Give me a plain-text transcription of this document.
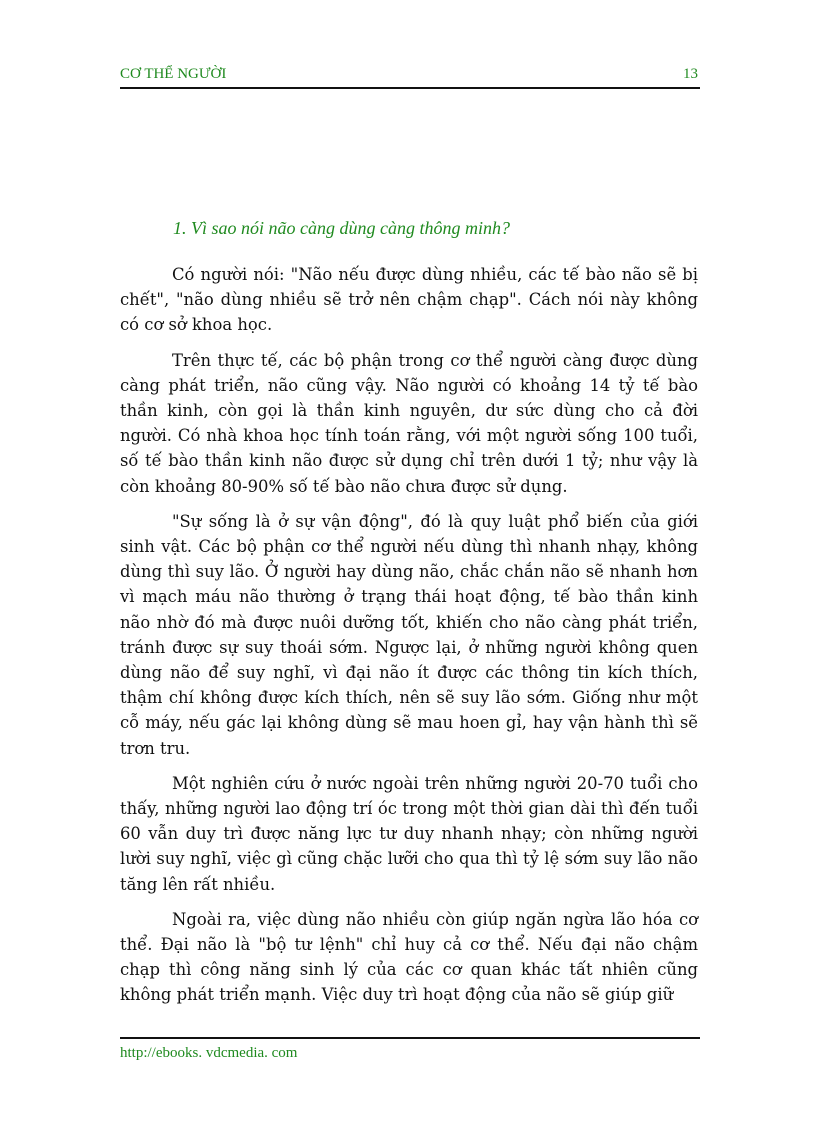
CƠ THỂ NGƯỜI	13
1. Vì sao nói não càng dùng càng thông minh?

Có người nói: "Não nếu được dùng nhiều, các tế bào não sẽ bị chết", "não dùng nhiều sẽ trở nên chậm chạp". Cách nói này không có cơ sở khoa học.

Trên thực tế, các bộ phận trong cơ thể người càng được dùng càng phát triển, não cũng vậy. Não người có khoảng 14 tỷ tế bào thần kinh, còn gọi là thần kinh nguyên, dư sức dùng cho cả đời người. Có nhà khoa học tính toán rằng, với một người sống 100 tuổi, số tế bào thần kinh não được sử dụng chỉ trên dưới 1 tỷ; như vậy là còn khoảng 80-90% số tế bào não chưa được sử dụng.

"Sự sống là ở sự vận động", đó là quy luật phổ biến của giới sinh vật. Các bộ phận cơ thể người nếu dùng thì nhanh nhạy, không dùng thì suy lão. Ở người hay dùng não, chắc chắn não sẽ nhanh hơn vì mạch máu não thường ở trạng thái hoạt động, tế bào thần kinh não nhờ đó mà được nuôi dưỡng tốt, khiến cho não càng phát triển, tránh được sự suy thoái sớm. Ngược lại, ở những người không quen dùng não để suy nghĩ, vì đại não ít được các thông tin kích thích, thậm chí không được kích thích, nên sẽ suy lão sớm. Giống như một cỗ máy, nếu gác lại không dùng sẽ mau hoen gỉ, hay vận hành thì sẽ trơn tru.

Một nghiên cứu ở nước ngoài trên những người 20-70 tuổi cho thấy, những người lao động trí óc trong một thời gian dài thì đến tuổi 60 vẫn duy trì được năng lực tư duy nhanh nhạy; còn những người lười suy nghĩ, việc gì cũng chặc lưỡi cho qua thì tỷ lệ sớm suy lão não tăng lên rất nhiều.

Ngoài ra, việc dùng não nhiều còn giúp ngăn ngừa lão hóa cơ thể. Đại não là "bộ tư lệnh" chỉ huy cả cơ thể. Nếu đại não chậm chạp thì công năng sinh lý của các cơ quan khác tất nhiên cũng không phát triển mạnh. Việc duy trì hoạt động của não sẽ giúp giữ

http://ebooks. vdcmedia. com
